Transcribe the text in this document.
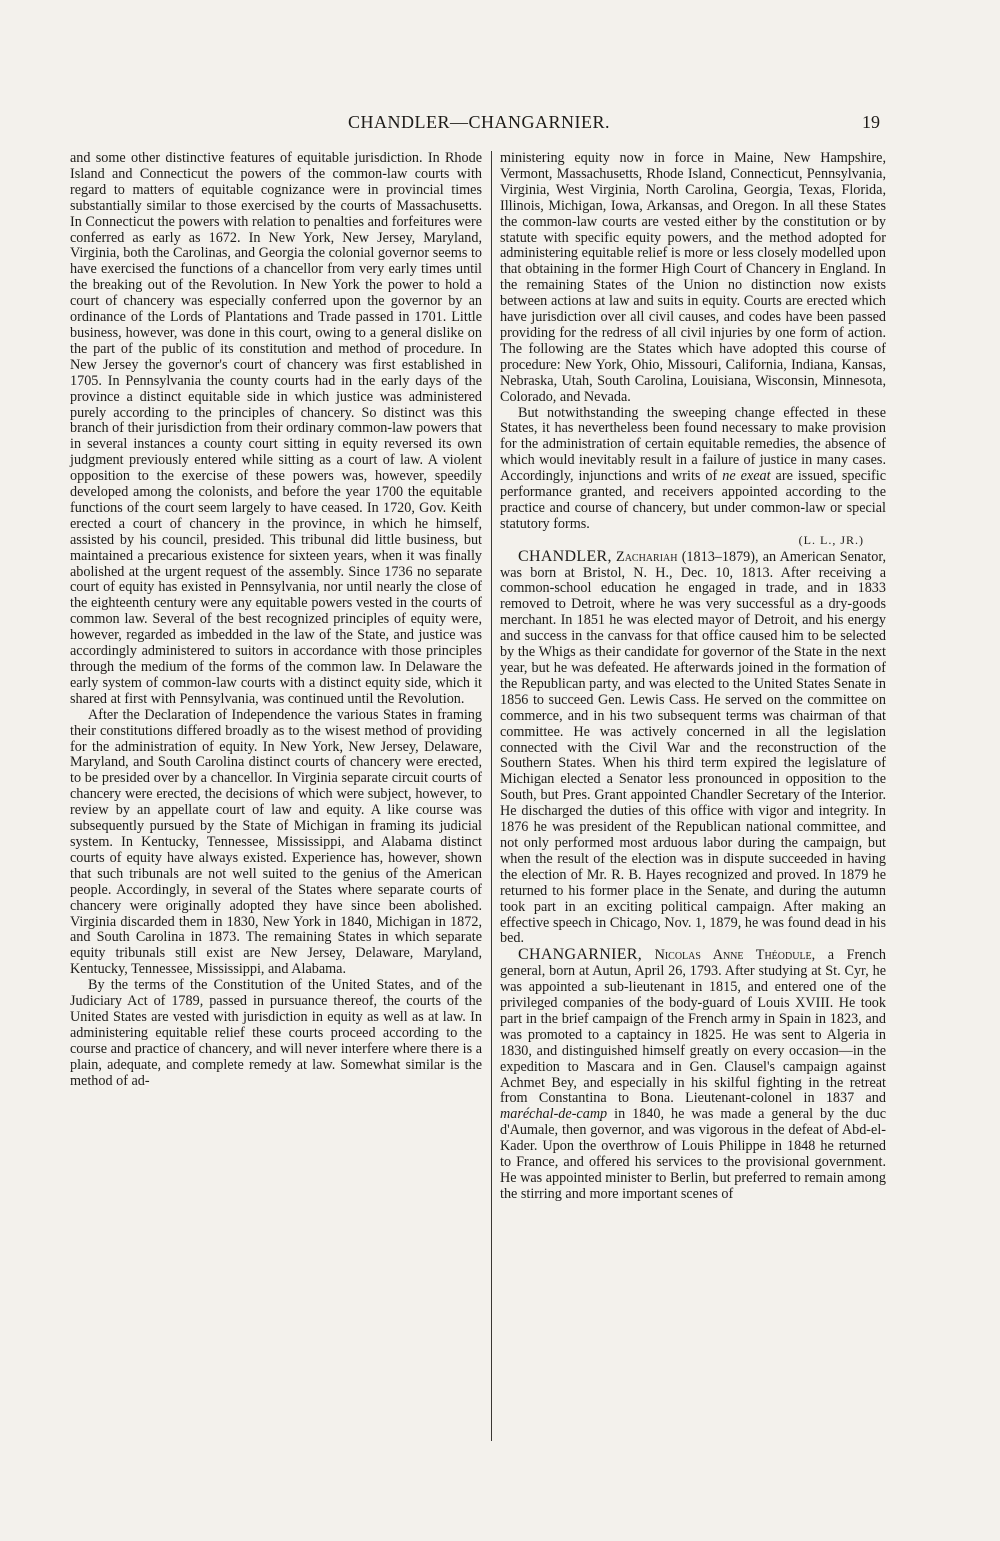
CHANDLER—CHANGARNIER.	19

and some other distinctive features of equitable jurisdiction. In Rhode Island and Connecticut the powers of the common-law courts with regard to matters of equitable cognizance were in provincial times substantially similar to those exercised by the courts of Massachusetts. In Connecticut the powers with relation to penalties and forfeitures were conferred as early as 1672. In New York, New Jersey, Maryland, Virginia, both the Carolinas, and Georgia the colonial governor seems to have exercised the functions of a chancellor from very early times until the breaking out of the Revolution. In New York the power to hold a court of chancery was especially conferred upon the governor by an ordinance of the Lords of Plantations and Trade passed in 1701. Little business, however, was done in this court, owing to a general dislike on the part of the public of its constitution and method of procedure. In New Jersey the governor's court of chancery was first established in 1705. In Pennsylvania the county courts had in the early days of the province a distinct equitable side in which justice was administered purely according to the principles of chancery. So distinct was this branch of their jurisdiction from their ordinary common-law powers that in several instances a county court sitting in equity reversed its own judgment previously entered while sitting as a court of law. A violent opposition to the exercise of these powers was, however, speedily developed among the colonists, and before the year 1700 the equitable functions of the court seem largely to have ceased. In 1720, Gov. Keith erected a court of chancery in the province, in which he himself, assisted by his council, presided. This tribunal did little business, but maintained a precarious existence for sixteen years, when it was finally abolished at the urgent request of the assembly. Since 1736 no separate court of equity has existed in Pennsylvania, nor until nearly the close of the eighteenth century were any equitable powers vested in the courts of common law. Several of the best recognized principles of equity were, however, regarded as imbedded in the law of the State, and justice was accordingly administered to suitors in accordance with those principles through the medium of the forms of the common law. In Delaware the early system of common-law courts with a distinct equity side, which it shared at first with Pennsylvania, was continued until the Revolution.

After the Declaration of Independence the various States in framing their constitutions differed broadly as to the wisest method of providing for the administration of equity. In New York, New Jersey, Delaware, Maryland, and South Carolina distinct courts of chancery were erected, to be presided over by a chancellor. In Virginia separate circuit courts of chancery were erected, the decisions of which were subject, however, to review by an appellate court of law and equity. A like course was subsequently pursued by the State of Michigan in framing its judicial system. In Kentucky, Tennessee, Mississippi, and Alabama distinct courts of equity have always existed. Experience has, however, shown that such tribunals are not well suited to the genius of the American people. Accordingly, in several of the States where separate courts of chancery were originally adopted they have since been abolished. Virginia discarded them in 1830, New York in 1840, Michigan in 1872, and South Carolina in 1873. The remaining States in which separate equity tribunals still exist are New Jersey, Delaware, Maryland, Kentucky, Tennessee, Mississippi, and Alabama.

By the terms of the Constitution of the United States, and of the Judiciary Act of 1789, passed in pursuance thereof, the courts of the United States are vested with jurisdiction in equity as well as at law. In administering equitable relief these courts proceed according to the course and practice of chancery, and will never interfere where there is a plain, adequate, and complete remedy at law. Somewhat similar is the method of ad-

ministering equity now in force in Maine, New Hampshire, Vermont, Massachusetts, Rhode Island, Connecticut, Pennsylvania, Virginia, West Virginia, North Carolina, Georgia, Texas, Florida, Illinois, Michigan, Iowa, Arkansas, and Oregon. In all these States the common-law courts are vested either by the constitution or by statute with specific equity powers, and the method adopted for administering equitable relief is more or less closely modelled upon that obtaining in the former High Court of Chancery in England. In the remaining States of the Union no distinction now exists between actions at law and suits in equity. Courts are erected which have jurisdiction over all civil causes, and codes have been passed providing for the redress of all civil injuries by one form of action. The following are the States which have adopted this course of procedure: New York, Ohio, Missouri, California, Indiana, Kansas, Nebraska, Utah, South Carolina, Louisiana, Wisconsin, Minnesota, Colorado, and Nevada.

But notwithstanding the sweeping change effected in these States, it has nevertheless been found necessary to make provision for the administration of certain equitable remedies, the absence of which would inevitably result in a failure of justice in many cases. Accordingly, injunctions and writs of ne exeat are issued, specific performance granted, and receivers appointed according to the practice and course of chancery, but under common-law or special statutory forms.

(L. L., JR.)

CHANDLER, Zachariah (1813–1879), an American Senator, was born at Bristol, N. H., Dec. 10, 1813. After receiving a common-school education he engaged in trade, and in 1833 removed to Detroit, where he was very successful as a dry-goods merchant. In 1851 he was elected mayor of Detroit, and his energy and success in the canvass for that office caused him to be selected by the Whigs as their candidate for governor of the State in the next year, but he was defeated. He afterwards joined in the formation of the Republican party, and was elected to the United States Senate in 1856 to succeed Gen. Lewis Cass. He served on the committee on commerce, and in his two subsequent terms was chairman of that committee. He was actively concerned in all the legislation connected with the Civil War and the reconstruction of the Southern States. When his third term expired the legislature of Michigan elected a Senator less pronounced in opposition to the South, but Pres. Grant appointed Chandler Secretary of the Interior. He discharged the duties of this office with vigor and integrity. In 1876 he was president of the Republican national committee, and not only performed most arduous labor during the campaign, but when the result of the election was in dispute succeeded in having the election of Mr. R. B. Hayes recognized and proved. In 1879 he returned to his former place in the Senate, and during the autumn took part in an exciting political campaign. After making an effective speech in Chicago, Nov. 1, 1879, he was found dead in his bed.

CHANGARNIER, Nicolas Anne Théodule, a French general, born at Autun, April 26, 1793. After studying at St. Cyr, he was appointed a sub-lieutenant in 1815, and entered one of the privileged companies of the body-guard of Louis XVIII. He took part in the brief campaign of the French army in Spain in 1823, and was promoted to a captaincy in 1825. He was sent to Algeria in 1830, and distinguished himself greatly on every occasion—in the expedition to Mascara and in Gen. Clausel's campaign against Achmet Bey, and especially in his skilful fighting in the retreat from Constantina to Bona. Lieutenant-colonel in 1837 and maréchal-de-camp in 1840, he was made a general by the duc d'Aumale, then governor, and was vigorous in the defeat of Abd-el-Kader. Upon the overthrow of Louis Philippe in 1848 he returned to France, and offered his services to the provisional government. He was appointed minister to Berlin, but preferred to remain among the stirring and more important scenes of
